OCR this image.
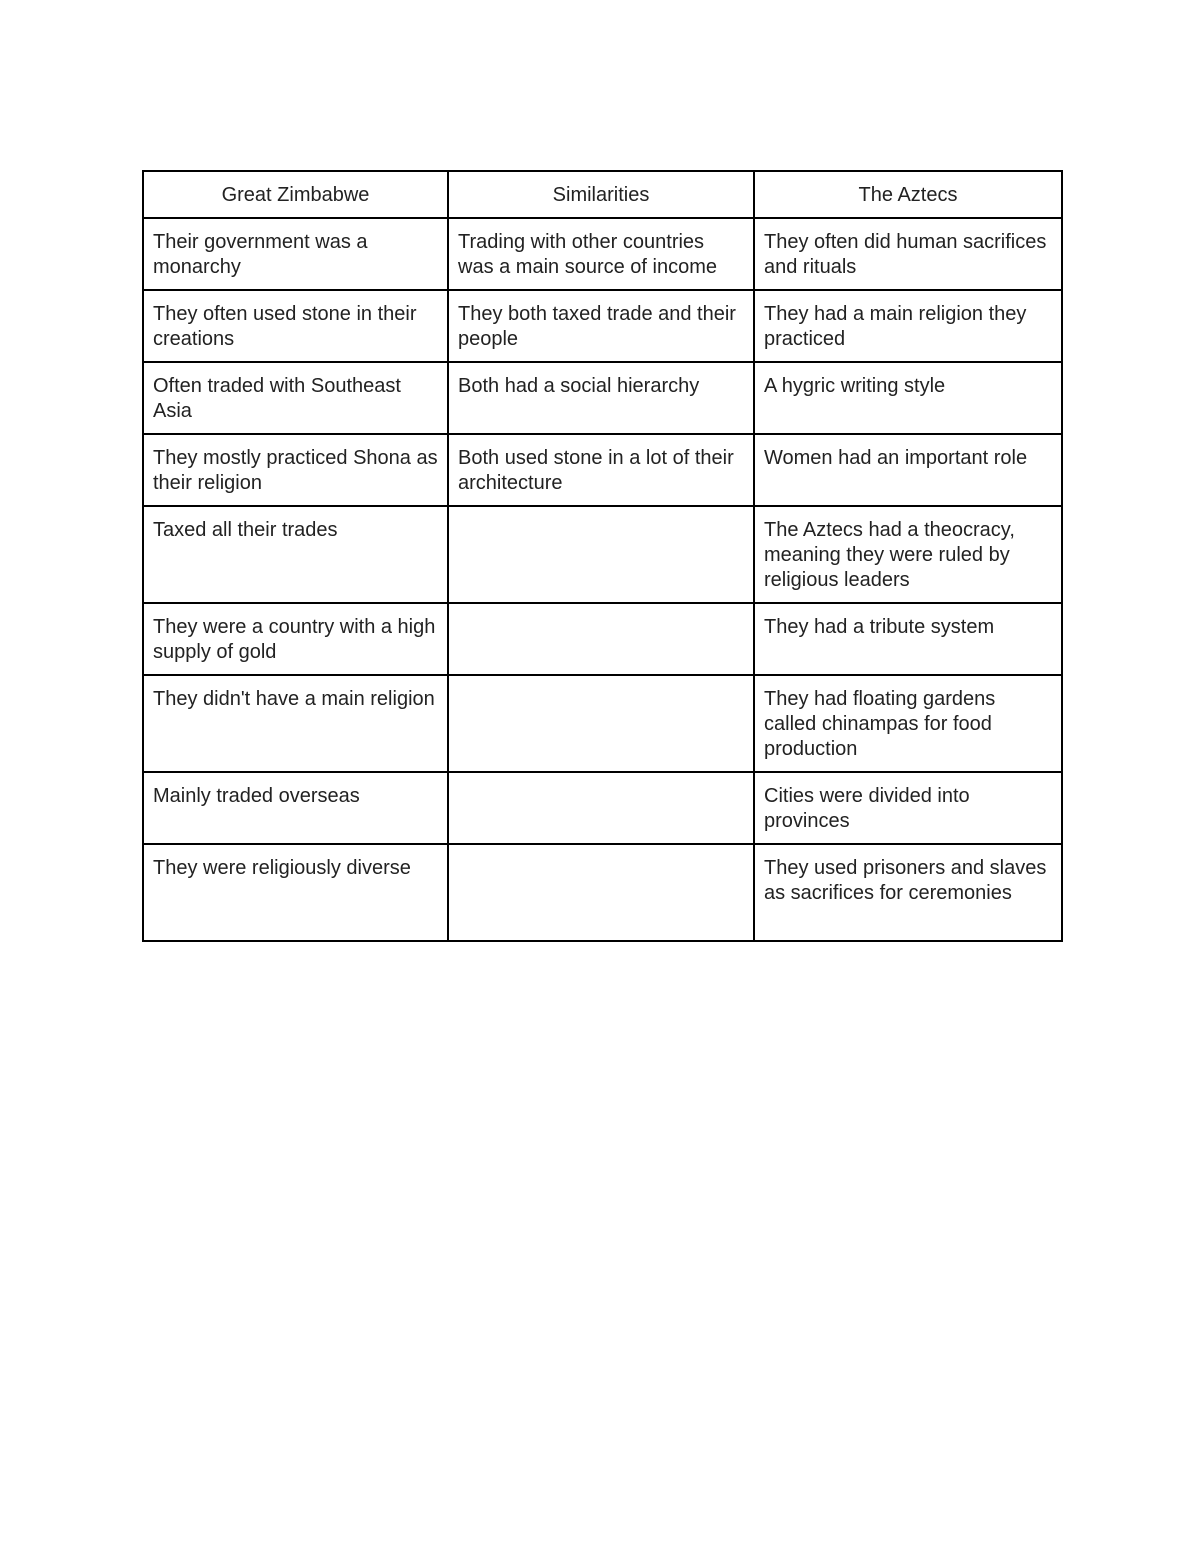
Great Zimbabwe	Similarities	The Aztecs
Their government was a monarchy	Trading with other countries was a main source of income	They often did human sacrifices and rituals
They often used stone in their creations	They both taxed trade and their people	They had a main religion they practiced
Often traded with Southeast Asia	Both had a social hierarchy	A hygric writing style
They mostly practiced Shona as their religion	Both used stone in a lot of their architecture	Women had an important role
Taxed all their trades		The Aztecs had a theocracy, meaning they were ruled by religious leaders
They were a country with a high supply of gold		They had a tribute system
They didn't have a main religion		They had floating gardens called chinampas for food production
Mainly traded overseas		Cities were divided into provinces
They were religiously diverse		They used prisoners and slaves as sacrifices for ceremonies
